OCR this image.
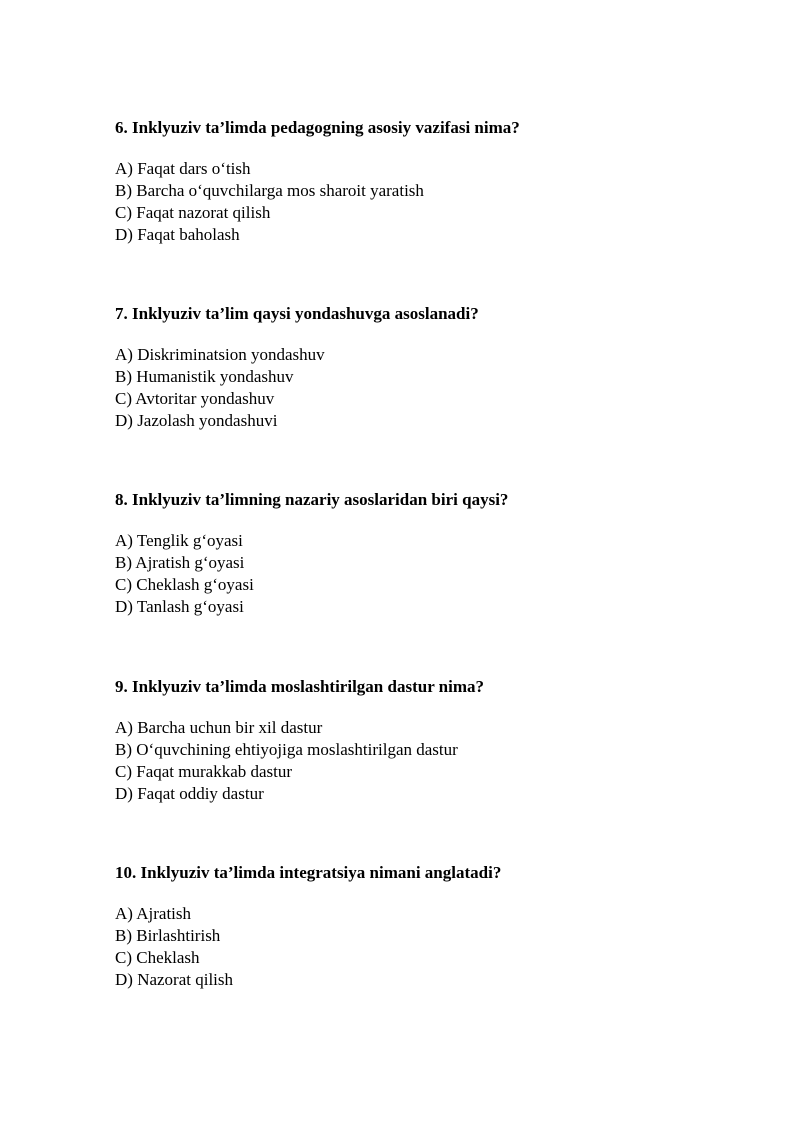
6. Inklyuziv ta’limda pedagogning asosiy vazifasi nima?

A) Faqat dars o‘tish
B) Barcha o‘quvchilarga mos sharoit yaratish
C) Faqat nazorat qilish
D) Faqat baholash

7. Inklyuziv ta’lim qaysi yondashuvga asoslanadi?

A) Diskriminatsion yondashuv
B) Humanistik yondashuv
C) Avtoritar yondashuv
D) Jazolash yondashuvi

8. Inklyuziv ta’limning nazariy asoslaridan biri qaysi?

A) Tenglik g‘oyasi
B) Ajratish g‘oyasi
C) Cheklash g‘oyasi
D) Tanlash g‘oyasi

9. Inklyuziv ta’limda moslashtirilgan dastur nima?

A) Barcha uchun bir xil dastur
B) O‘quvchining ehtiyojiga moslashtirilgan dastur
C) Faqat murakkab dastur
D) Faqat oddiy dastur

10. Inklyuziv ta’limda integratsiya nimani anglatadi?

A) Ajratish
B) Birlashtirish
C) Cheklash
D) Nazorat qilish
